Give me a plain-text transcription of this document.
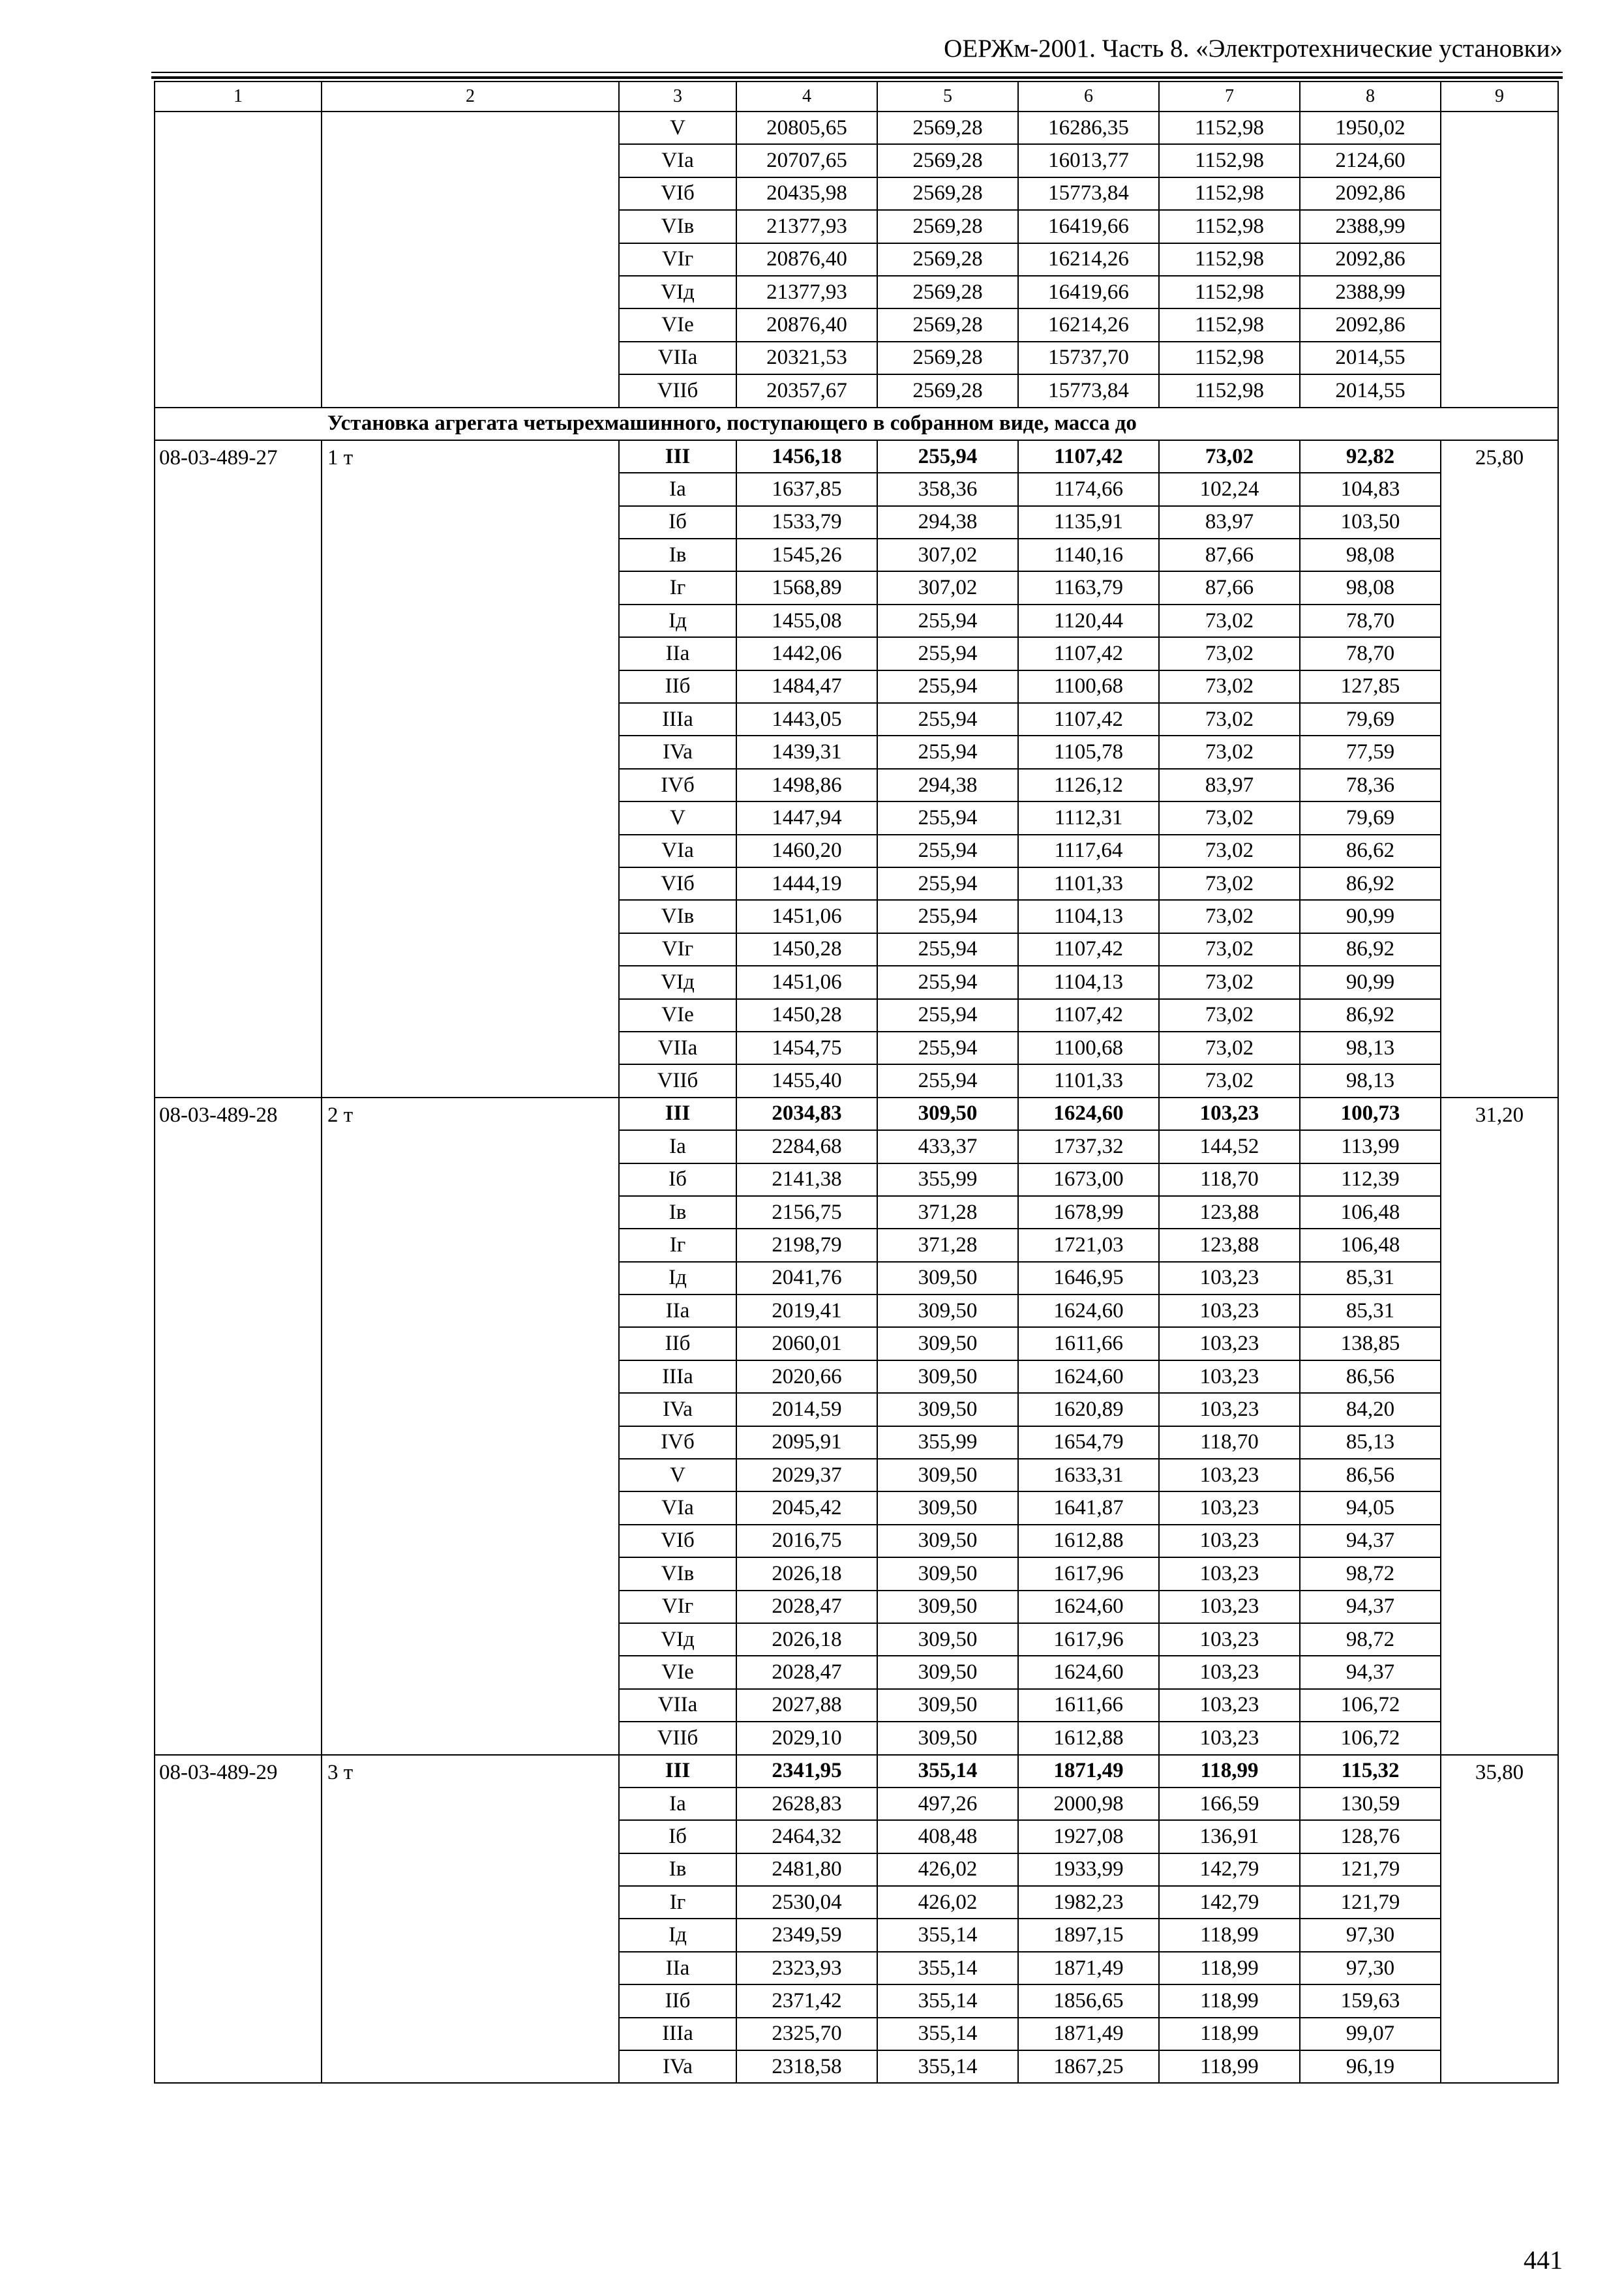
ОЕРЖм-2001. Часть 8. «Электротехнические установки»
1	2	3	4	5	6	7	8	9
		V	20805,65	2569,28	16286,35	1152,98	1950,02	
		VIa	20707,65	2569,28	16013,77	1152,98	2124,60	
		VIб	20435,98	2569,28	15773,84	1152,98	2092,86	
		VIв	21377,93	2569,28	16419,66	1152,98	2388,99	
		VIг	20876,40	2569,28	16214,26	1152,98	2092,86	
		VIд	21377,93	2569,28	16419,66	1152,98	2388,99	
		VIe	20876,40	2569,28	16214,26	1152,98	2092,86	
		VIIa	20321,53	2569,28	15737,70	1152,98	2014,55	
		VIIб	20357,67	2569,28	15773,84	1152,98	2014,55	
Установка агрегата четырехмашинного, поступающего в собранном виде, масса до								
08-03-489-27	1 т	III	1456,18	255,94	1107,42	73,02	92,82	25,80
		Ia	1637,85	358,36	1174,66	102,24	104,83	
		Iб	1533,79	294,38	1135,91	83,97	103,50	
		Iв	1545,26	307,02	1140,16	87,66	98,08	
		Iг	1568,89	307,02	1163,79	87,66	98,08	
		Iд	1455,08	255,94	1120,44	73,02	78,70	
		IIa	1442,06	255,94	1107,42	73,02	78,70	
		IIб	1484,47	255,94	1100,68	73,02	127,85	
		IIIa	1443,05	255,94	1107,42	73,02	79,69	
		IVa	1439,31	255,94	1105,78	73,02	77,59	
		IVб	1498,86	294,38	1126,12	83,97	78,36	
		V	1447,94	255,94	1112,31	73,02	79,69	
		VIa	1460,20	255,94	1117,64	73,02	86,62	
		VIб	1444,19	255,94	1101,33	73,02	86,92	
		VIв	1451,06	255,94	1104,13	73,02	90,99	
		VIг	1450,28	255,94	1107,42	73,02	86,92	
		VIд	1451,06	255,94	1104,13	73,02	90,99	
		VIe	1450,28	255,94	1107,42	73,02	86,92	
		VIIa	1454,75	255,94	1100,68	73,02	98,13	
		VIIб	1455,40	255,94	1101,33	73,02	98,13	
08-03-489-28	2 т	III	2034,83	309,50	1624,60	103,23	100,73	31,20
		Ia	2284,68	433,37	1737,32	144,52	113,99	
		Iб	2141,38	355,99	1673,00	118,70	112,39	
		Iв	2156,75	371,28	1678,99	123,88	106,48	
		Iг	2198,79	371,28	1721,03	123,88	106,48	
		Iд	2041,76	309,50	1646,95	103,23	85,31	
		IIa	2019,41	309,50	1624,60	103,23	85,31	
		IIб	2060,01	309,50	1611,66	103,23	138,85	
		IIIa	2020,66	309,50	1624,60	103,23	86,56	
		IVa	2014,59	309,50	1620,89	103,23	84,20	
		IVб	2095,91	355,99	1654,79	118,70	85,13	
		V	2029,37	309,50	1633,31	103,23	86,56	
		VIa	2045,42	309,50	1641,87	103,23	94,05	
		VIб	2016,75	309,50	1612,88	103,23	94,37	
		VIв	2026,18	309,50	1617,96	103,23	98,72	
		VIг	2028,47	309,50	1624,60	103,23	94,37	
		VIд	2026,18	309,50	1617,96	103,23	98,72	
		VIe	2028,47	309,50	1624,60	103,23	94,37	
		VIIa	2027,88	309,50	1611,66	103,23	106,72	
		VIIб	2029,10	309,50	1612,88	103,23	106,72	
08-03-489-29	3 т	III	2341,95	355,14	1871,49	118,99	115,32	35,80
		Ia	2628,83	497,26	2000,98	166,59	130,59	
		Iб	2464,32	408,48	1927,08	136,91	128,76	
		Iв	2481,80	426,02	1933,99	142,79	121,79	
		Iг	2530,04	426,02	1982,23	142,79	121,79	
		Iд	2349,59	355,14	1897,15	118,99	97,30	
		IIa	2323,93	355,14	1871,49	118,99	97,30	
		IIб	2371,42	355,14	1856,65	118,99	159,63	
		IIIa	2325,70	355,14	1871,49	118,99	99,07	
		IVa	2318,58	355,14	1867,25	118,99	96,19	
441
